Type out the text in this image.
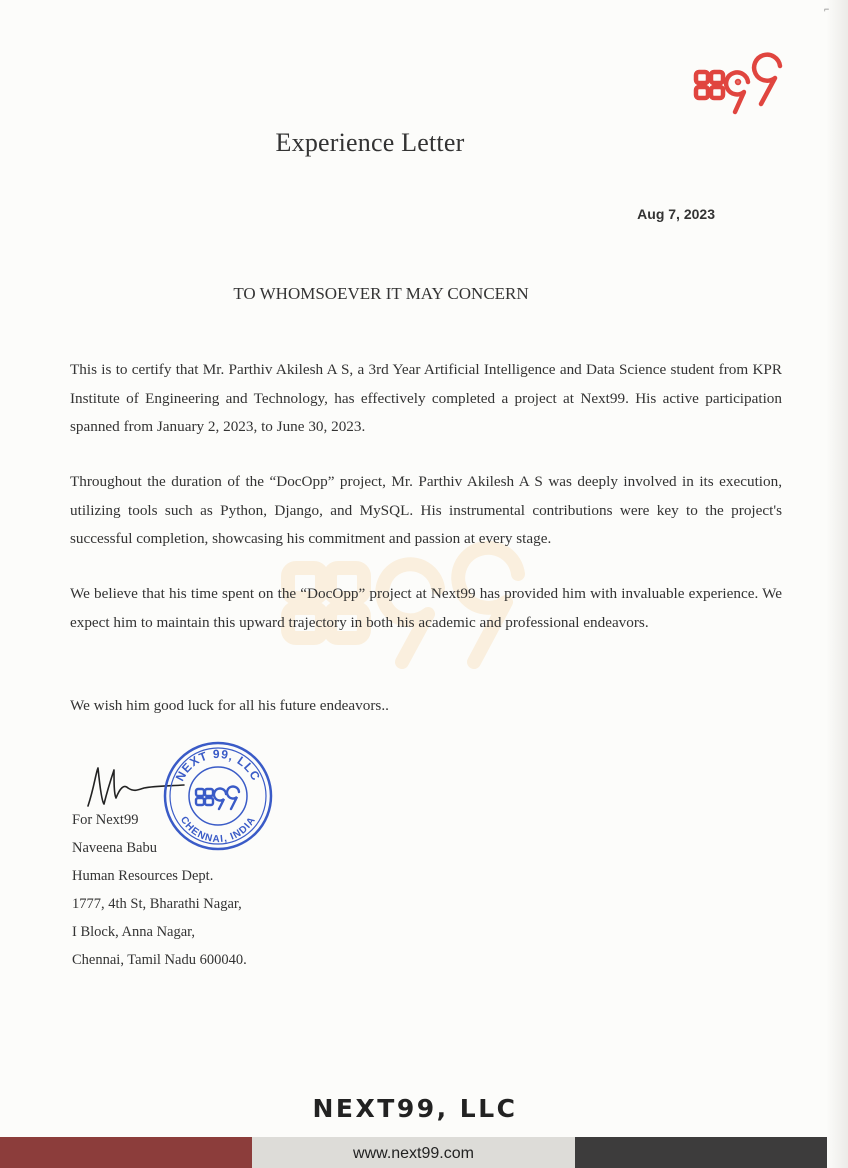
⌐
Experience Letter
Aug 7, 2023
TO WHOMSOEVER IT MAY CONCERN

This is to certify that Mr. Parthiv Akilesh A S, a 3rd Year Artificial Intelligence and Data Science student from KPR Institute of Engineering and Technology, has effectively completed a project at Next99. His active participation spanned from January 2, 2023, to June 30, 2023.

Throughout the duration of the “DocOpp” project, Mr. Parthiv Akilesh A S was deeply involved in its execution, utilizing tools such as Python, Django, and MySQL. His instrumental contributions were key to the project's successful completion, showcasing his commitment and passion at every stage.

We believe that his time spent on the “DocOpp” project at Next99 has provided him with invaluable experience. We expect him to maintain this upward trajectory in both his academic and professional endeavors.

We wish him good luck for all his future endeavors..

NEXT 99, LLC
CHENNAI, INDIA
For Next99
Naveena Babu
Human Resources Dept.
1777, 4th St, Bharathi Nagar,
I Block, Anna Nagar,
Chennai, Tamil Nadu 600040.
NEXT99, LLC
www.next99.com
